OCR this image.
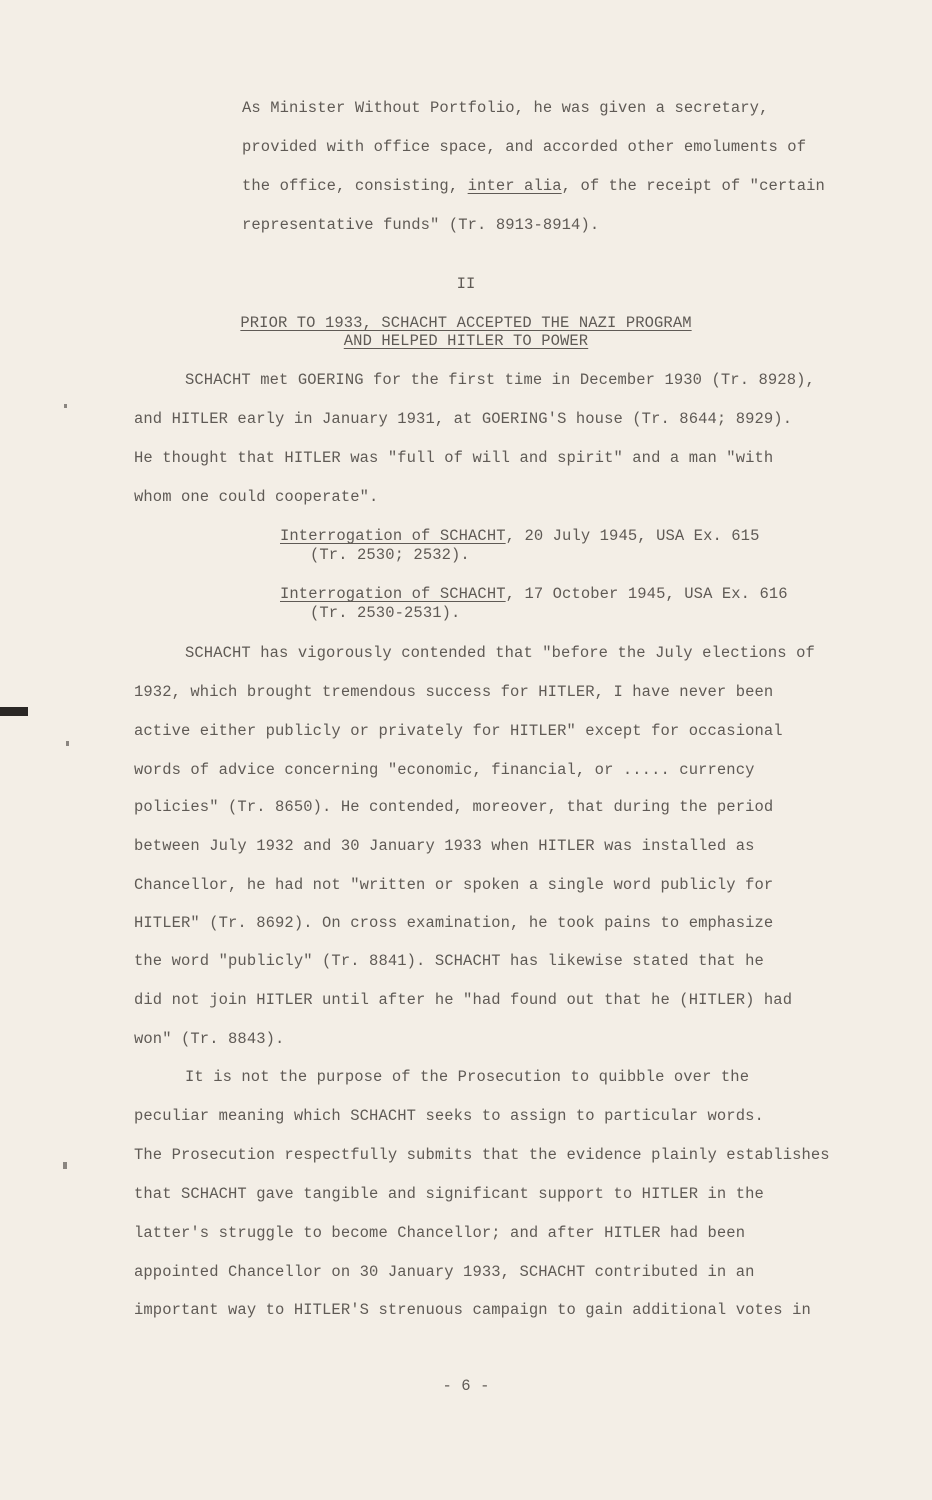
As Minister Without Portfolio, he was given a secretary,
provided with office space, and accorded other emoluments of
the office, consisting, inter alia, of the receipt of "certain
representative funds" (Tr. 8913-8914).
II
PRIOR TO 1933, SCHACHT ACCEPTED THE NAZI PROGRAM
AND HELPED HITLER TO POWER
SCHACHT met GOERING for the first time in December 1930 (Tr. 8928),
and HITLER early in January 1931, at GOERING'S house (Tr. 8644; 8929).
He thought that HITLER was "full of will and spirit" and a man "with
whom one could cooperate".
Interrogation of SCHACHT, 20 July 1945, USA Ex. 615
(Tr. 2530; 2532).
Interrogation of SCHACHT, 17 October 1945, USA Ex. 616
(Tr. 2530-2531).
SCHACHT has vigorously contended that "before the July elections of
1932, which brought tremendous success for HITLER, I have never been
active either publicly or privately for HITLER" except for occasional
words of advice concerning "economic, financial, or ..... currency
policies" (Tr. 8650). He contended, moreover, that during the period
between July 1932 and 30 January 1933 when HITLER was installed as
Chancellor, he had not "written or spoken a single word publicly for
HITLER" (Tr. 8692). On cross examination, he took pains to emphasize
the word "publicly" (Tr. 8841). SCHACHT has likewise stated that he
did not join HITLER until after he "had found out that he (HITLER) had
won" (Tr. 8843).
It is not the purpose of the Prosecution to quibble over the
peculiar meaning which SCHACHT seeks to assign to particular words.
The Prosecution respectfully submits that the evidence plainly establishes
that SCHACHT gave tangible and significant support to HITLER in the
latter's struggle to become Chancellor; and after HITLER had been
appointed Chancellor on 30 January 1933, SCHACHT contributed in an
important way to HITLER'S strenuous campaign to gain additional votes in
- 6 -
